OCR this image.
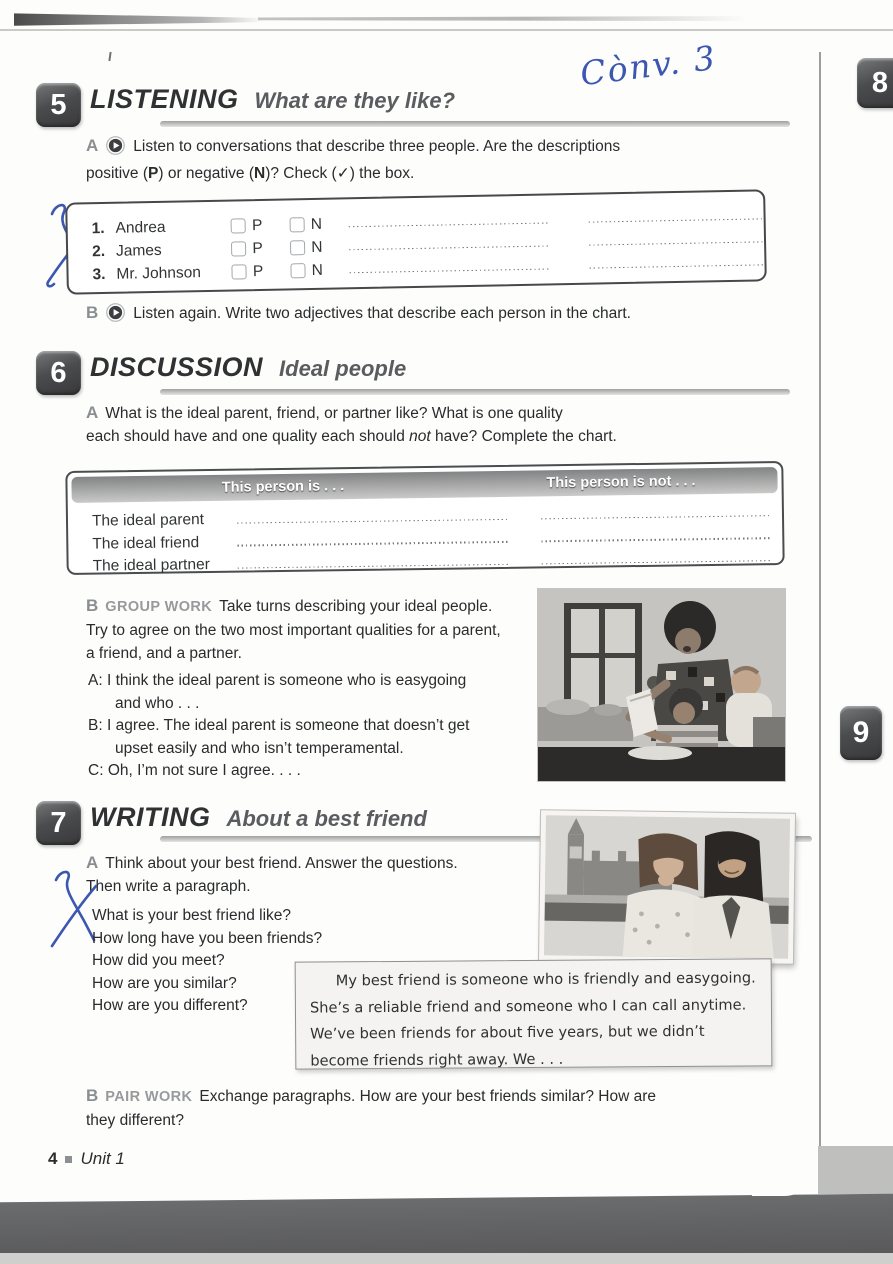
Cònv. 3	8
9
5 LISTENING What are they like?
A Listen to conversations that describe three people. Are the descriptions
positive (P) or negative (N)? Check (✓) the box.
1. Andrea	P	N
2. James	P	N
3. Mr. Johnson	P	N
B Listen again. Write two adjectives that describe each person in the chart.
6 DISCUSSION Ideal people
A What is the ideal parent, friend, or partner like? What is one quality
each should have and one quality each should not have? Complete the chart.
This person is . . .	This person is not . . .
The ideal parent
The ideal friend
The ideal partner
B GROUP WORK Take turns describing your ideal people.
Try to agree on the two most important qualities for a parent,
a friend, and a partner.
A: I think the ideal parent is someone who is easygoing
and who . . .
B: I agree. The ideal parent is someone that doesn’t get
upset easily and who isn’t temperamental.
C: Oh, I’m not sure I agree. . . .
7 WRITING About a best friend
A Think about your best friend. Answer the questions.
Then write a paragraph.
What is your best friend like?
How long have you been friends?
How did you meet?
How are you similar?
How are you different?
My best friend is someone who is friendly and easygoing.
She’s a reliable friend and someone who I can call anytime.
We’ve been friends for about five years, but we didn’t
become friends right away. We . . .
B PAIR WORK Exchange paragraphs. How are your best friends similar? How are
they different?
4 Unit 1
